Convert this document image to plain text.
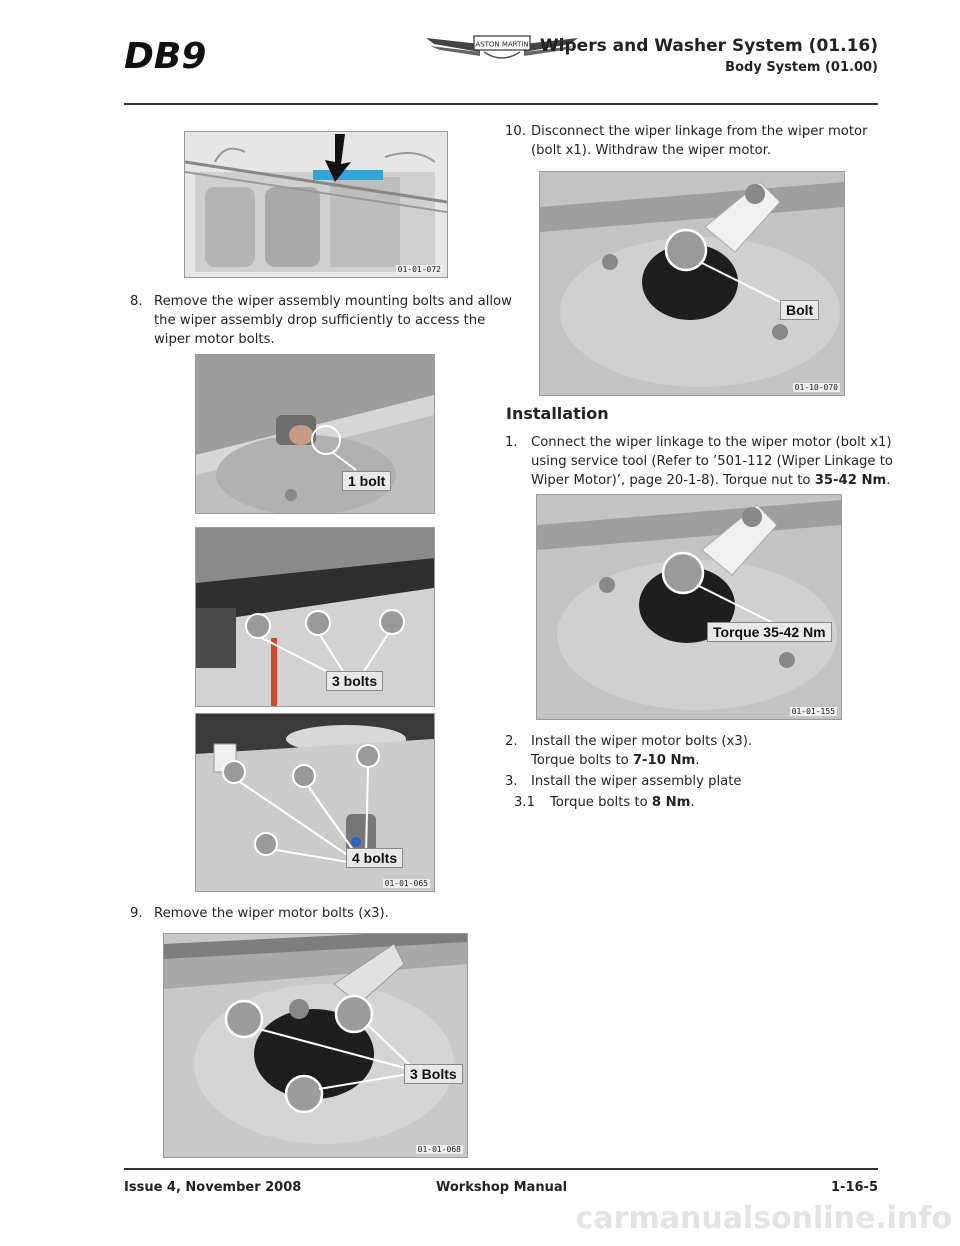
DB9	ASTON MARTIN Wipers and Washer System (01.16)
Body System (01.00)
01-01-072
8. Remove the wiper assembly mounting bolts and allow the wiper assembly drop sufficiently to access the wiper motor bolts.
1 bolt
3 bolts
4 bolts
01-01-065
9. Remove the wiper motor bolts (x3).
3 Bolts
01-01-068
10. Disconnect the wiper linkage from the wiper motor (bolt x1). Withdraw the wiper motor.
Bolt
01-10-070
Installation
1. Connect the wiper linkage to the wiper motor (bolt x1) using service tool (Refer to ’501-112 (Wiper Linkage to Wiper Motor)’, page 20-1-8). Torque nut to 35-42 Nm.
Torque 35-42 Nm
01-01-155
2. Install the wiper motor bolts (x3).
Torque bolts to 7-10 Nm.
3. Install the wiper assembly plate
3.1 Torque bolts to 8 Nm.
Issue 4, November 2008	Workshop Manual	1-16-5
carmanualsonline.info
